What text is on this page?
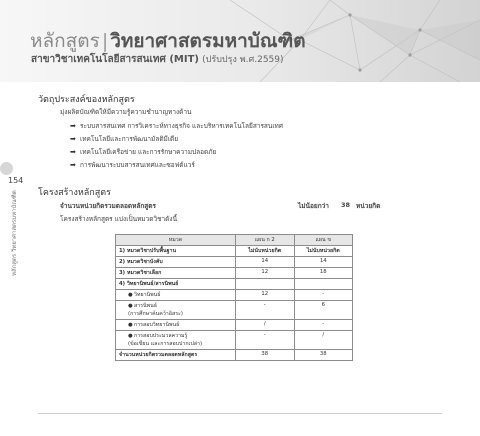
หลักสูตร | วิทยาศาสตรมหาบัณฑิต
สาขาวิชาเทคโนโลยีสารสนเทศ (MIT) (ปรับปรุง พ.ศ.2559)
154
หลักสูตร วิทยาศาสตรมหาบัณฑิต
วัตถุประสงค์ของหลักสูตร
มุ่งผลิตบัณฑิตให้มีความรู้ความชำนาญทางด้าน
➡ ระบบสารสนเทศ การวิเคราะห์ทางธุรกิจ และบริหารเทคโนโลยีสารสนเทศ
➡ เทคโนโลยีและการพัฒนามัลติมีเดีย
➡ เทคโนโลยีเครือข่าย และการรักษาความปลอดภัย
➡ การพัฒนาระบบสารสนเทศและซอฟต์แวร์
โครงสร้างหลักสูตร
จำนวนหน่วยกิตรวมตลอดหลักสูตร	ไม่น้อยกว่า 38 หน่วยกิต
โครงสร้างหลักสูตร แบ่งเป็นหมวดวิชาดังนี้
หมวด	แผน ก 2	แผน ข
1) หมวดวิชาปรับพื้นฐาน	ไม่นับหน่วยกิต	ไม่นับหน่วยกิต
2) หมวดวิชาบังคับ	14	14
3) หมวดวิชาเลือก	12	18
4) วิทยานิพนธ์/สารนิพนธ์		
●วิทยานิพนธ์	12	-
●สารนิพนธ์
(การศึกษาค้นคว้าอิสระ)	-	6
●การสอบวิทยานิพนธ์	/	-
●การสอบประมวลความรู้
(ข้อเขียน และการสอบปากเปล่า)	-	/
จำนวนหน่วยกิตรวมตลอดหลักสูตร	38	38
